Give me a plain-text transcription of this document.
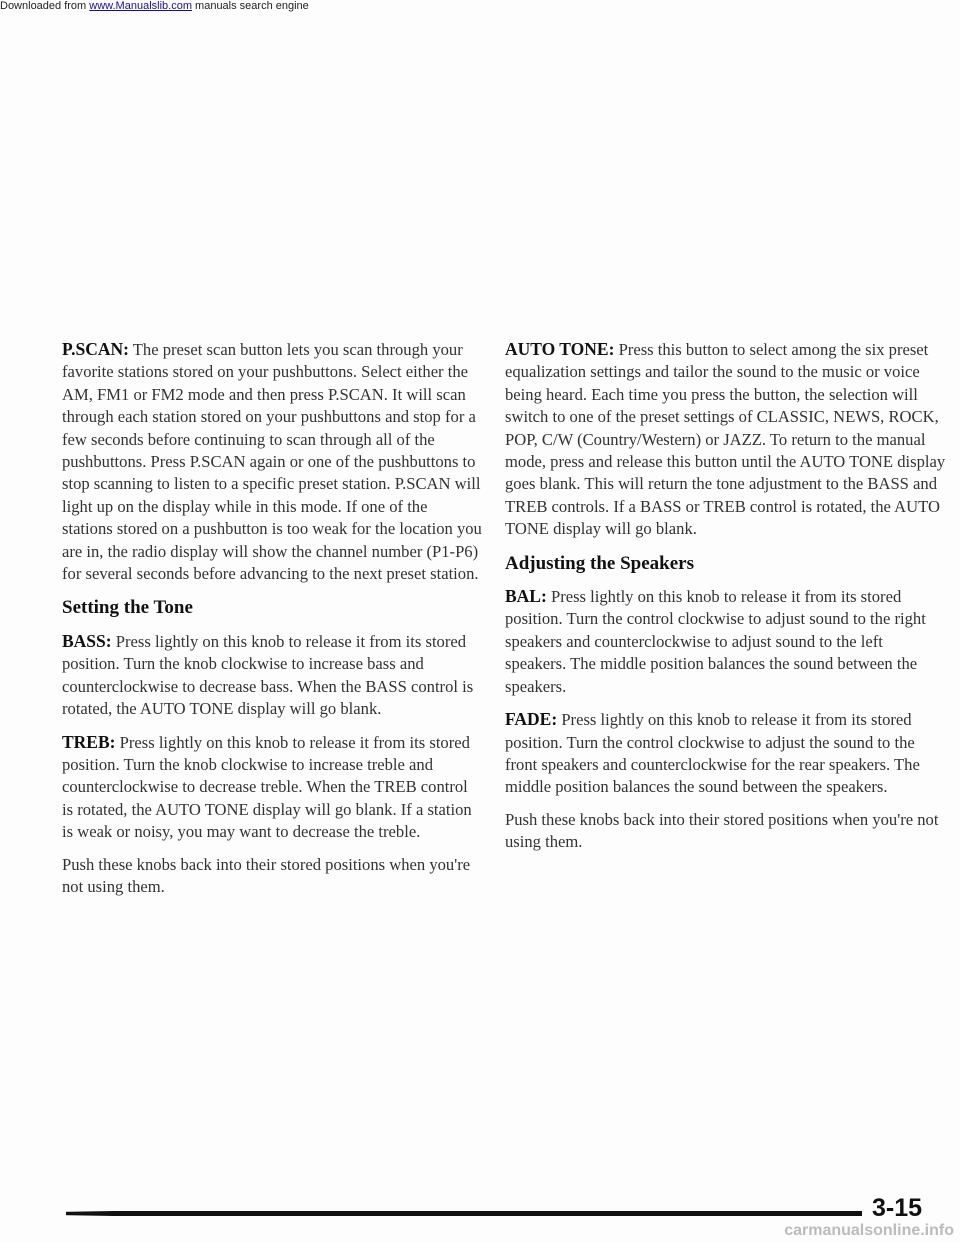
Downloaded from www.Manualslib.com manuals search engine

P.SCAN: The preset scan button lets you scan through your favorite stations stored on your pushbuttons. Select either the AM, FM1 or FM2 mode and then press P.SCAN. It will scan through each station stored on your pushbuttons and stop for a few seconds before continuing to scan through all of the pushbuttons. Press P.SCAN again or one of the pushbuttons to stop scanning to listen to a specific preset station. P.SCAN will light up on the display while in this mode. If one of the stations stored on a pushbutton is too weak for the location you are in, the radio display will show the channel number (P1-P6) for several seconds before advancing to the next preset station.

Setting the Tone

BASS: Press lightly on this knob to release it from its stored position. Turn the knob clockwise to increase bass and counterclockwise to decrease bass. When the BASS control is rotated, the AUTO TONE display will go blank.

TREB: Press lightly on this knob to release it from its stored position. Turn the knob clockwise to increase treble and counterclockwise to decrease treble. When the TREB control is rotated, the AUTO TONE display will go blank. If a station is weak or noisy, you may want to decrease the treble.

Push these knobs back into their stored positions when you're not using them.

AUTO TONE: Press this button to select among the six preset equalization settings and tailor the sound to the music or voice being heard. Each time you press the button, the selection will switch to one of the preset settings of CLASSIC, NEWS, ROCK, POP, C/W (Country/Western) or JAZZ. To return to the manual mode, press and release this button until the AUTO TONE display goes blank. This will return the tone adjustment to the BASS and TREB controls. If a BASS or TREB control is rotated, the AUTO TONE display will go blank.

Adjusting the Speakers

BAL: Press lightly on this knob to release it from its stored position. Turn the control clockwise to adjust sound to the right speakers and counterclockwise to adjust sound to the left speakers. The middle position balances the sound between the speakers.

FADE: Press lightly on this knob to release it from its stored position. Turn the control clockwise to adjust the sound to the front speakers and counterclockwise for the rear speakers. The middle position balances the sound between the speakers.

Push these knobs back into their stored positions when you're not using them.

3-15
carmanualsonline.info
